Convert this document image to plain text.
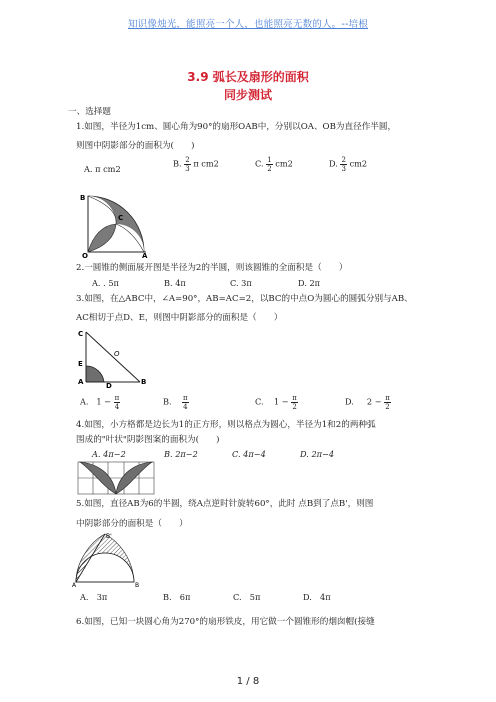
知识像烛光，能照亮一个人，也能照亮无数的人。--培根
3.9 弧长及扇形的面积
同步测试
一、选择题
1.如图，半径为1cm、圆心角为90°的扇形OAB中，分别以OA、OB为直径作半圆，
则图中阴影部分的面积为(　　)
A. π cm2
B. $\frac{2}{3}$ π cm2	C. $\frac{1}{2} cm2$	D. $\frac{2}{3} cm2$
B
C
O	A
2.一圆锥的侧面展开图是半径为2的半圆，则该圆锥的全面积是（　　）
A. . 5π	B. 4π	C. 3π	D. 2π
3.如图，在△ABC中，∠A=90°，AB=AC=2，以BC的中点O为圆心的圆弧分别与AB、
AC相切于点D、E，则图中阴影部分的面积是（　　）
C
O
E
A	D	B
A. $1 - \frac{\pi}{4}$	B. $\frac{\pi}{4}$	C. $1 - \frac{\pi}{2}$	D. $2 - \frac{\pi}{2}$
4.如图，小方格都是边长为1的正方形，则以格点为圆心，半径为1和2的两种弧
围成的"叶状"阴影图案的面积为(　　)
A. 4π−2	B. 2π−2	C. 4π−4	D. 2π−4
5.如图，直径AB为6的半圆，绕A点逆时针旋转60°，此时 点B到了点B'，则图
中阴影部分的面积是（　　）
B'
A	B
A.　3π	B.　6π	C.　5π	D.　4π
6.如图，已知一块圆心角为270°的扇形铁皮，用它做一个圆锥形的烟囱帽(接缝
1 / 8
